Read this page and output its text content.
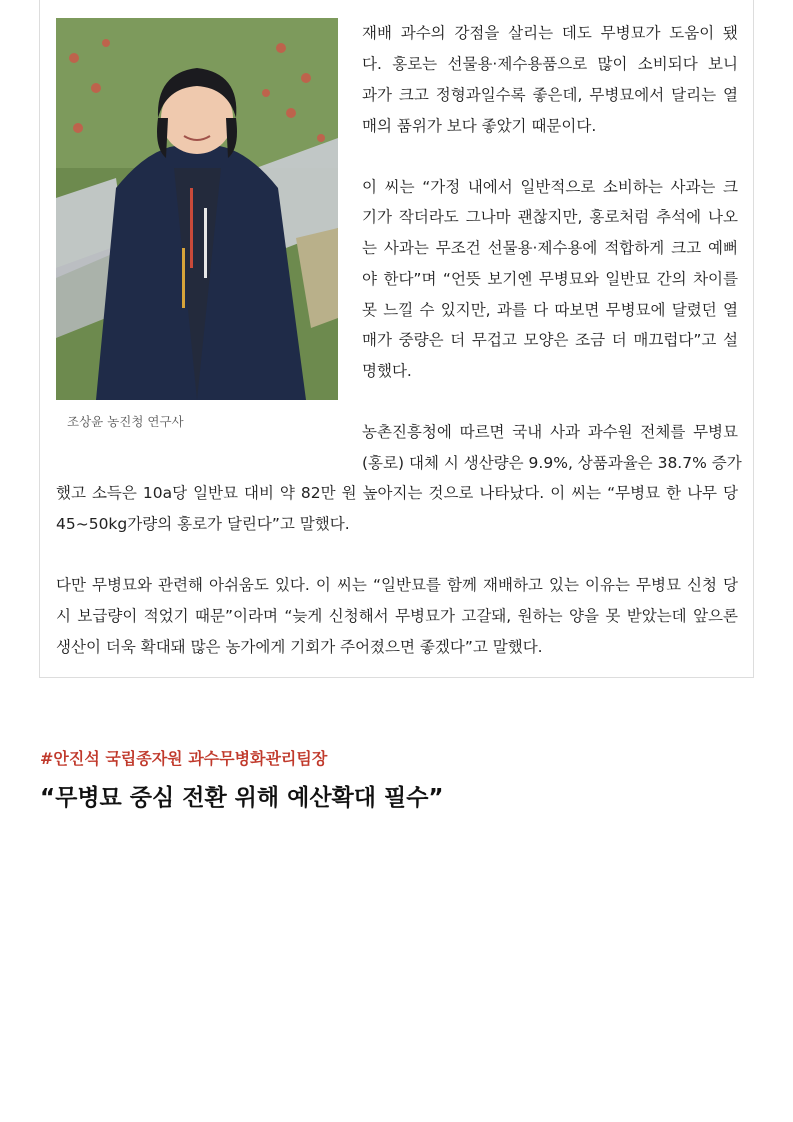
조상윤 농진청 연구사
재배 과수의 강점을 살리는 데도 무병묘가 도움이 됐
다. 홍로는 선물용·제수용품으로 많이 소비되다 보니
과가 크고 정형과일수록 좋은데, 무병묘에서 달리는 열
매의 품위가 보다 좋았기 때문이다.
이 씨는 “가정 내에서 일반적으로 소비하는 사과는 크
기가 작더라도 그나마 괜찮지만, 홍로처럼 추석에 나오
는 사과는 무조건 선물용·제수용에 적합하게 크고 예뻐
야 한다”며 “언뜻 보기엔 무병묘와 일반묘 간의 차이를
못 느낄 수 있지만, 과를 다 따보면 무병묘에 달렸던 열
매가 중량은 더 무겁고 모양은 조금 더 매끄럽다”고 설
명했다.
농촌진흥청에 따르면 국내 사과 과수원 전체를 무병묘
(홍로) 대체 시 생산량은 9.9%, 상품과율은 38.7% 증가
했고 소득은 10a당 일반묘 대비 약 82만 원 높아지는 것으로 나타났다. 이 씨는 “무병묘 한 나무 당
45~50kg가량의 홍로가 달린다”고 말했다.
다만 무병묘와 관련해 아쉬움도 있다. 이 씨는 “일반묘를 함께 재배하고 있는 이유는 무병묘 신청 당
시 보급량이 적었기 때문”이라며 “늦게 신청해서 무병묘가 고갈돼, 원하는 양을 못 받았는데 앞으론
생산이 더욱 확대돼 많은 농가에게 기회가 주어졌으면 좋겠다”고 말했다.
#안진석 국립종자원 과수무병화관리팀장
“무병묘 중심 전환 위해 예산확대 필수”
